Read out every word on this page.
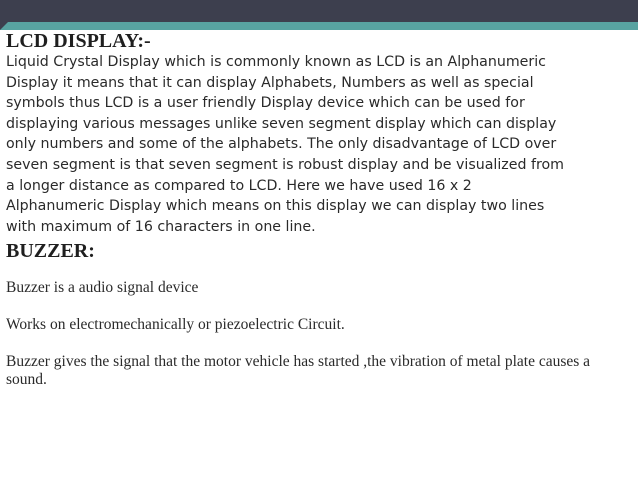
LCD DISPLAY:-

Liquid Crystal Display which is commonly known as LCD is an Alphanumeric
Display it means that it can display Alphabets, Numbers as well as special
symbols thus LCD is a user friendly Display device which can be used for
displaying various messages unlike seven segment display which can display
only numbers and some of the alphabets. The only disadvantage of LCD over
seven segment is that seven segment is robust display and be visualized from
a longer distance as compared to LCD. Here we have used 16 x 2
Alphanumeric Display which means on this display we can display two lines
with maximum of 16 characters in one line.

BUZZER:

Buzzer is a audio signal device

Works on electromechanically or piezoelectric Circuit.

Buzzer gives the signal that the motor vehicle has started ,the vibration of metal plate causes a sound.
